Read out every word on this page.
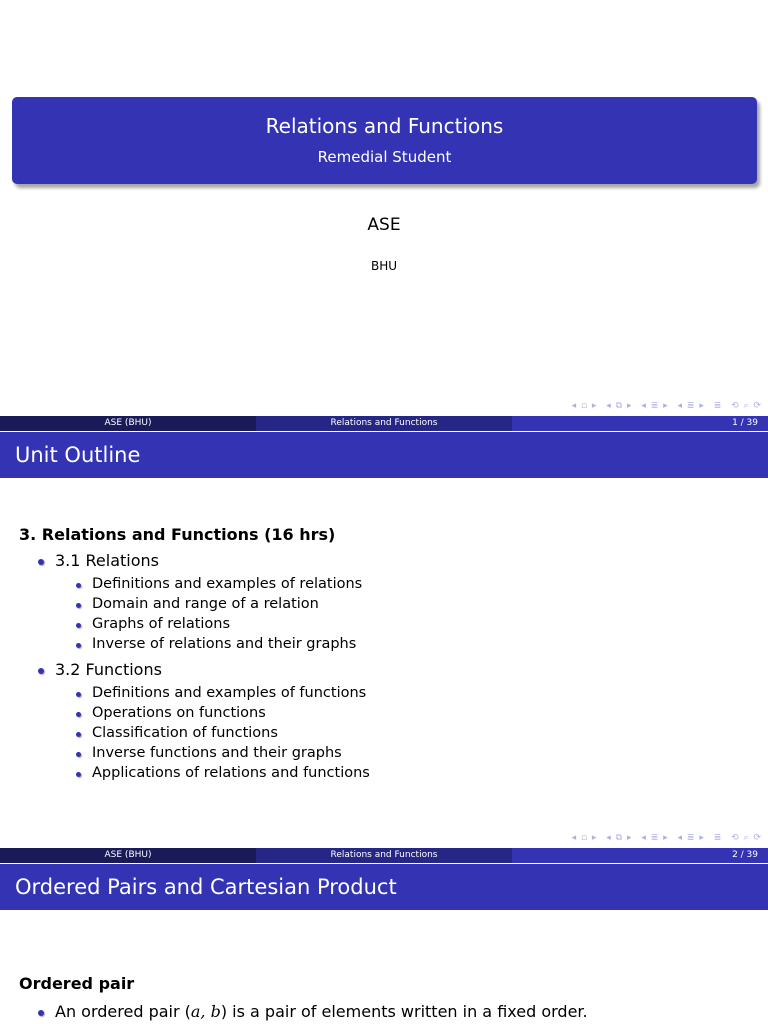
Relations and Functions
Remedial Student
ASE
BHU
◂ ▫ ▸ ◂ ⧉ ▸ ◂ ≣ ▸ ◂ ≣ ▸ ≣ ⟲ ⌕ ⟳
ASE (BHU)	Relations and Functions	1 / 39
Unit Outline
3. Relations and Functions (16 hrs)
3.1 Relations
Definitions and examples of relations
Domain and range of a relation
Graphs of relations
Inverse of relations and their graphs
3.2 Functions
Definitions and examples of functions
Operations on functions
Classification of functions
Inverse functions and their graphs
Applications of relations and functions
◂ ▫ ▸ ◂ ⧉ ▸ ◂ ≣ ▸ ◂ ≣ ▸ ≣ ⟲ ⌕ ⟳
ASE (BHU)	Relations and Functions	2 / 39
Ordered Pairs and Cartesian Product
Ordered pair
An ordered pair (a, b) is a pair of elements written in a fixed order.
